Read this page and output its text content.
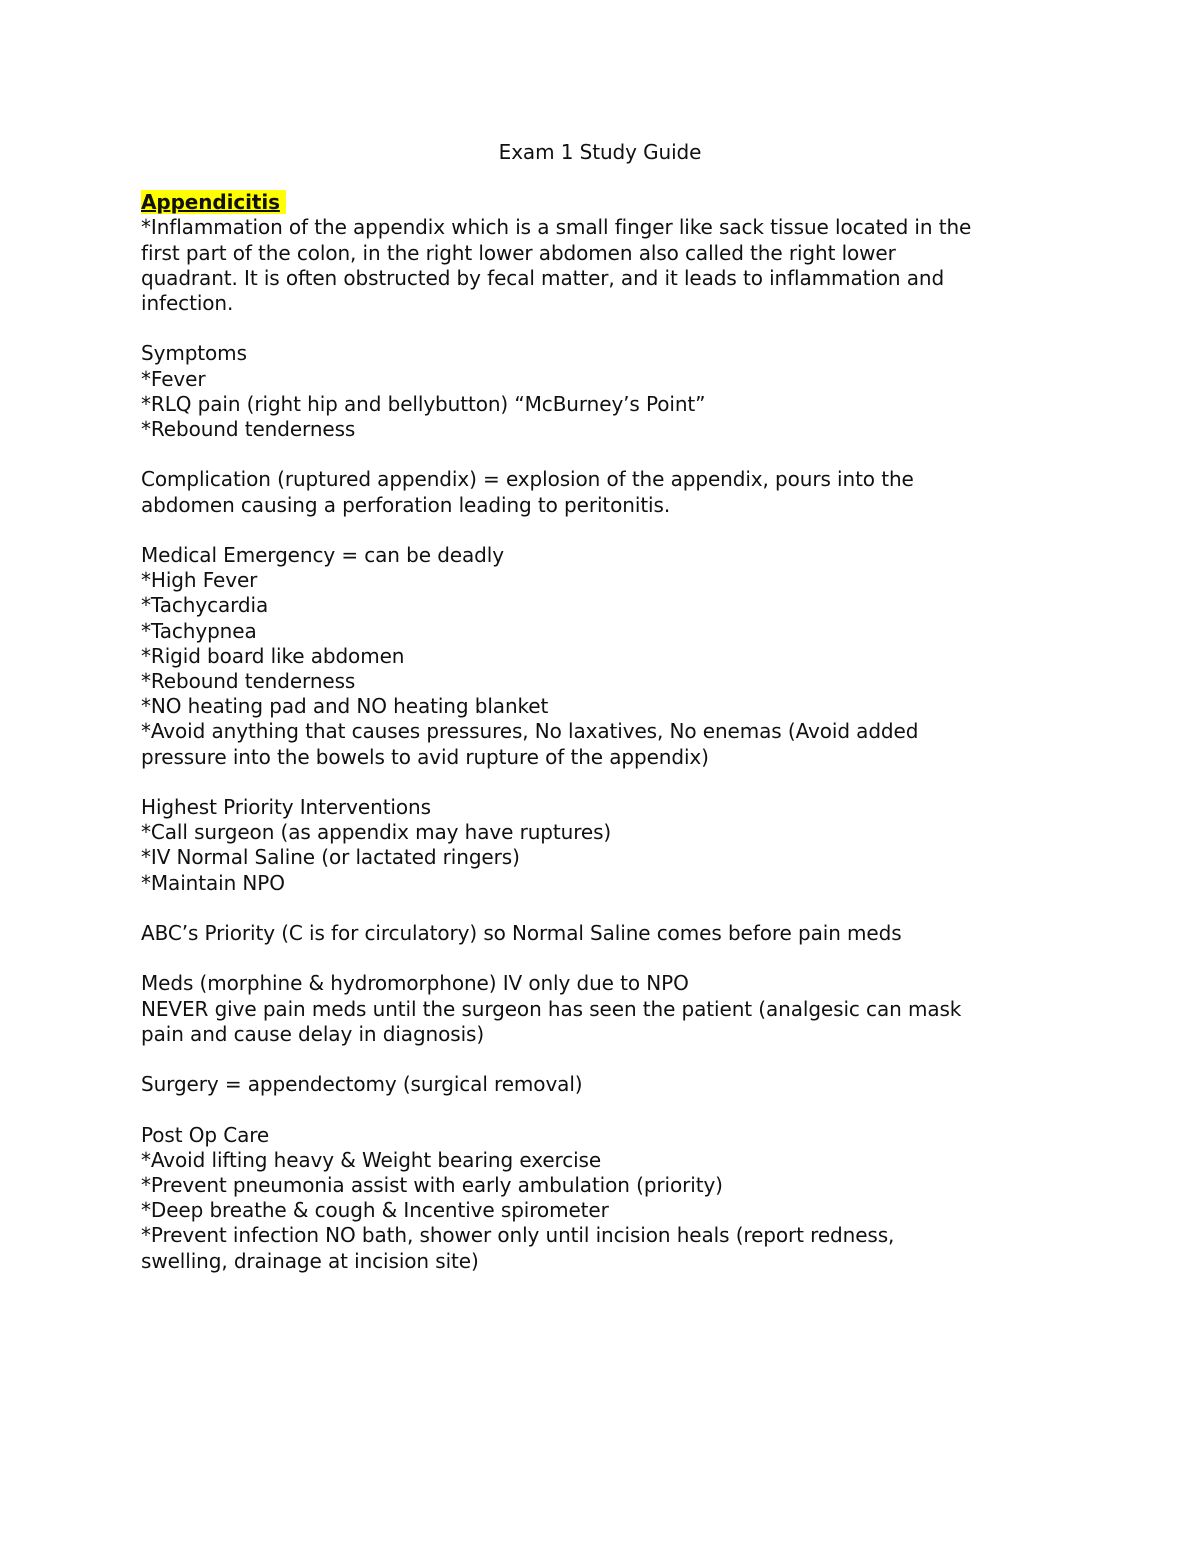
Exam 1 Study Guide

Appendicitis

*Inflammation of the appendix which is a small finger like sack tissue located in the

first part of the colon, in the right lower abdomen also called the right lower

quadrant. It is often obstructed by fecal matter, and it leads to inflammation and

infection.

Symptoms

*Fever

*RLQ pain (right hip and bellybutton) “McBurney’s Point”

*Rebound tenderness

Complication (ruptured appendix) = explosion of the appendix, pours into the

abdomen causing a perforation leading to peritonitis.

Medical Emergency = can be deadly

*High Fever

*Tachycardia

*Tachypnea

*Rigid board like abdomen

*Rebound tenderness

*NO heating pad and NO heating blanket

*Avoid anything that causes pressures, No laxatives, No enemas (Avoid added

pressure into the bowels to avid rupture of the appendix)

Highest Priority Interventions

*Call surgeon (as appendix may have ruptures)

*IV Normal Saline (or lactated ringers)

*Maintain NPO

ABC’s Priority (C is for circulatory) so Normal Saline comes before pain meds

Meds (morphine & hydromorphone) IV only due to NPO

NEVER give pain meds until the surgeon has seen the patient (analgesic can mask

pain and cause delay in diagnosis)

Surgery = appendectomy (surgical removal)

Post Op Care

*Avoid lifting heavy & Weight bearing exercise

*Prevent pneumonia assist with early ambulation (priority)

*Deep breathe & cough & Incentive spirometer

*Prevent infection NO bath, shower only until incision heals (report redness,

swelling, drainage at incision site)
